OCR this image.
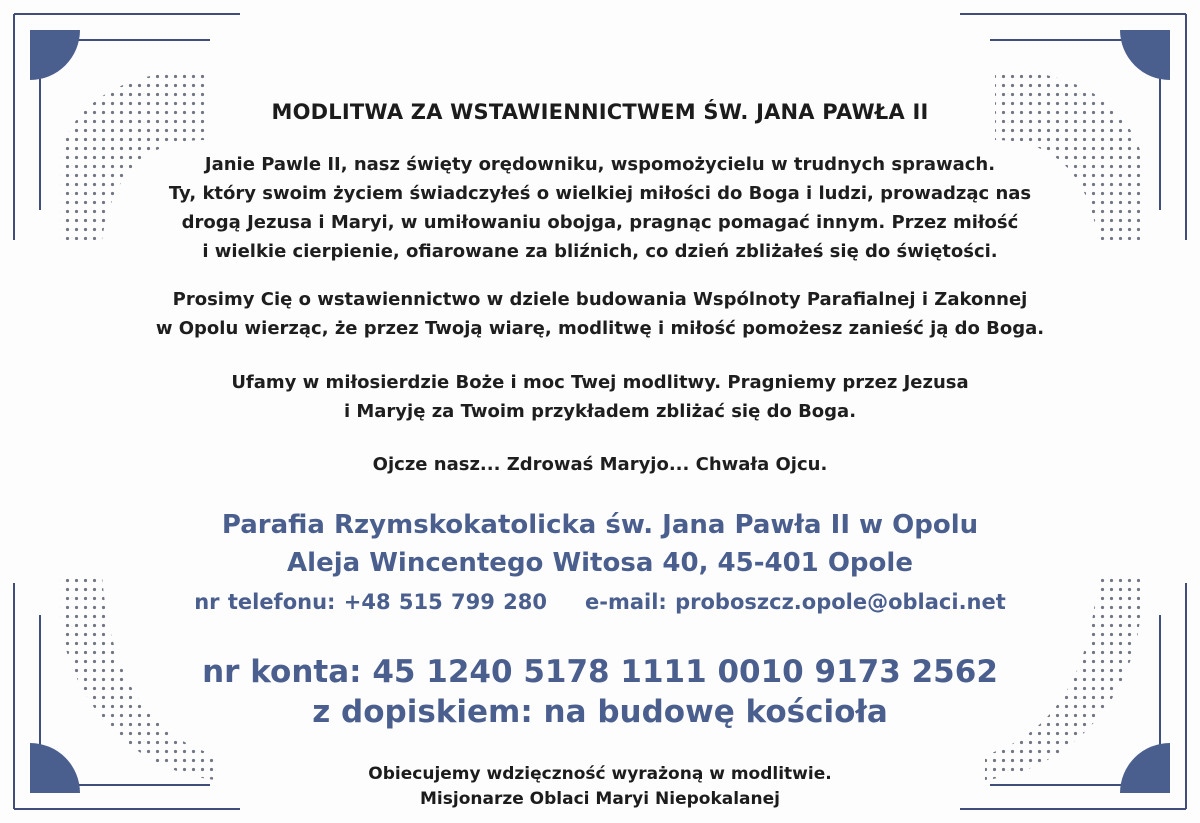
MODLITWA ZA WSTAWIENNICTWEM ŚW. JANA PAWŁA II
Janie Pawle II, nasz święty orędowniku, wspomożycielu w trudnych sprawach.
Ty, który swoim życiem świadczyłeś o wielkiej miłości do Boga i ludzi, prowadząc nas
drogą Jezusa i Maryi, w umiłowaniu obojga, pragnąc pomagać innym. Przez miłość
i wielkie cierpienie, ofiarowane za bliźnich, co dzień zbliżałeś się do świętości.
Prosimy Cię o wstawiennictwo w dziele budowania Wspólnoty Parafialnej i Zakonnej
w Opolu wierząc, że przez Twoją wiarę, modlitwę i miłość pomożesz zanieść ją do Boga.
Ufamy w miłosierdzie Boże i moc Twej modlitwy. Pragniemy przez Jezusa
i Maryję za Twoim przykładem zbliżać się do Boga.
Ojcze nasz... Zdrowaś Maryjo... Chwała Ojcu.
Parafia Rzymskokatolicka św. Jana Pawła II w Opolu
Aleja Wincentego Witosa 40, 45-401 Opole
nr telefonu: +48 515 799 280 e-mail: proboszcz.opole@oblaci.net
nr konta: 45 1240 5178 1111 0010 9173 2562
z dopiskiem: na budowę kościoła
Obiecujemy wdzięczność wyrażoną w modlitwie.
Misjonarze Oblaci Maryi Niepokalanej
